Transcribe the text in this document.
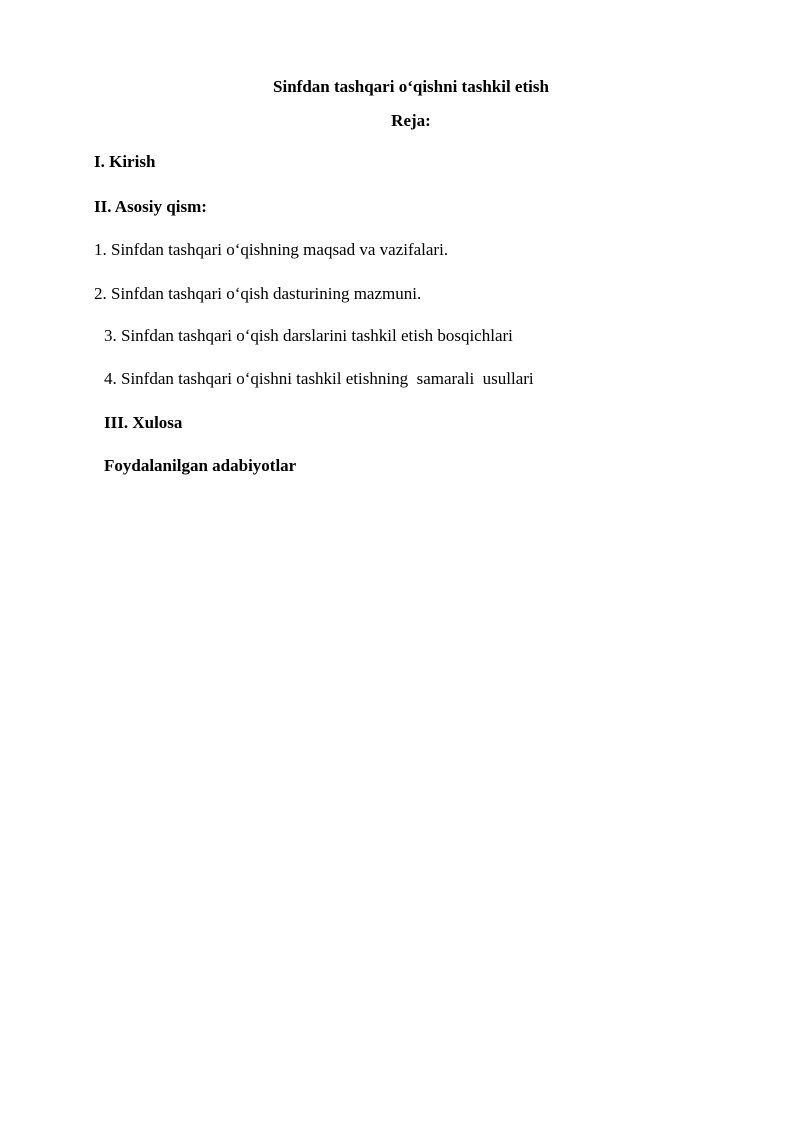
Sinfdan tashqari o‘qishni tashkil etish
Reja:
I. Kirish
II. Asosiy qism:
1. Sinfdan tashqari o‘qishning maqsad va vazifalari.
2. Sinfdan tashqari o‘qish dasturining mazmuni.
3. Sinfdan tashqari o‘qish darslarini tashkil etish bosqichlari
4. Sinfdan tashqari o‘qishni tashkil etishning  samarali  usullari
III. Xulosa
Foydalanilgan adabiyotlar
